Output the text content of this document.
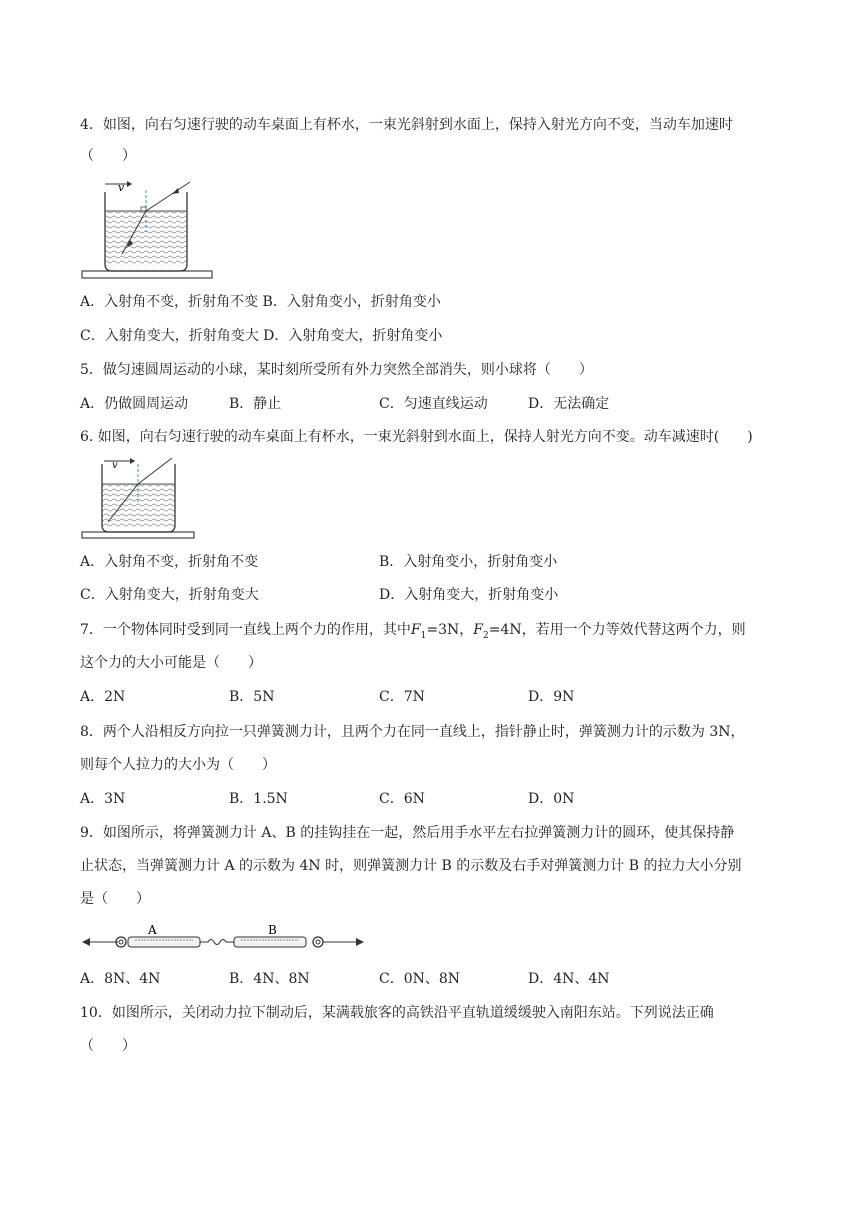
4．如图，向右匀速行驶的动车桌面上有杯水，一束光斜射到水面上，保持入射光方向不变，当动车加速时
（　　）
v
A．入射角不变，折射角不变 B．入射角变小，折射角变小
C．入射角变大，折射角变大 D．入射角变大，折射角变小
5．做匀速圆周运动的小球，某时刻所受所有外力突然全部消失，则小球将（　　）
A．仍做圆周运动	B．静止	C．匀速直线运动	D．无法确定
6. 如图，向右匀速行驶的动车桌面上有杯水，一束光斜射到水面上，保持人射光方向不变。动车减速时(　　)
v
A．入射角不变，折射角不变	B．入射角变小，折射角变小
C．入射角变大，折射角变大	D．入射角变大，折射角变小
7．一个物体同时受到同一直线上两个力的作用，其中$F_1=3N$，$F_2=4N$，若用一个力等效代替这两个力，则
这个力的大小可能是（　　）
A．2N	B．5N	C．7N	D．9N
8．两个人沿相反方向拉一只弹簧测力计，且两个力在同一直线上，指针静止时，弹簧测力计的示数为 3N，
则每个人拉力的大小为（　　）
A．3N	B．1.5N	C．6N	D．0N
9．如图所示，将弹簧测力计 A、B 的挂钩挂在一起，然后用手水平左右拉弹簧测力计的圆环，使其保持静
止状态，当弹簧测力计 A 的示数为 4N 时，则弹簧测力计 B 的示数及右手对弹簧测力计 B 的拉力大小分别
是（　　）
A	B
A．8N、4N	B．4N、8N	C．0N、8N	D．4N、4N
10．如图所示，关闭动力拉下制动后，某满载旅客的高铁沿平直轨道缓缓驶入南阳东站。下列说法正确
（　　）
